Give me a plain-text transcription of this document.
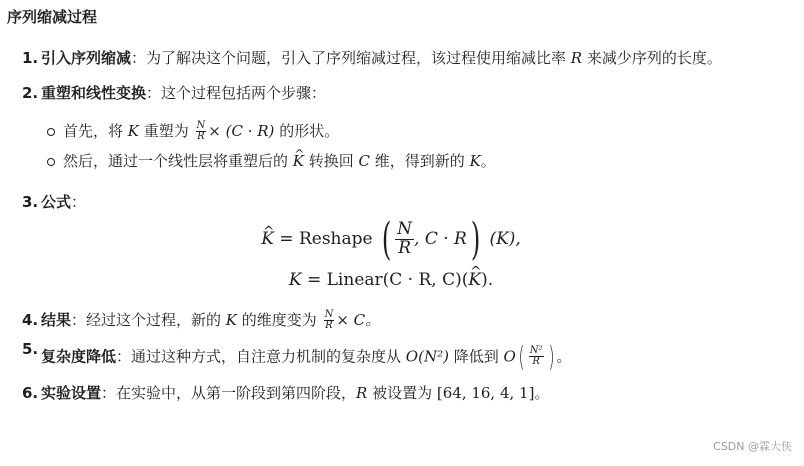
序列缩减过程
1. 引入序列缩减：为了解决这个问题，引入了序列缩减过程，该过程使用缩减比率 R 来减少序列的长度。
2. 重塑和线性变换：这个过程包括两个步骤：
首先，将 K 重塑为 $\frac{N}{R} \times (C \cdot R)$ 的形状。
然后，通过一个线性层将重塑后的 ^ K 转换回 C 维，得到新的 K。
3. 公式：
^ K = Reshape ( $\frac{N}{R}$ , C · R) (K),
K = Linear(C · R, C)(^ K).
4. 结果：经过这个过程，新的 K 的维度变为 $\frac{N}{R} \times C$。
5. 复杂度降低：通过这种方式，自注意力机制的复杂度从 O(N²) 降低到 $O( \frac{\text{N²}}{R}$ ) 。
6. 实验设置：在实验中，从第一阶段到第四阶段，R 被设置为 [64, 16, 4, 1]。
CSDN @霖大侠
